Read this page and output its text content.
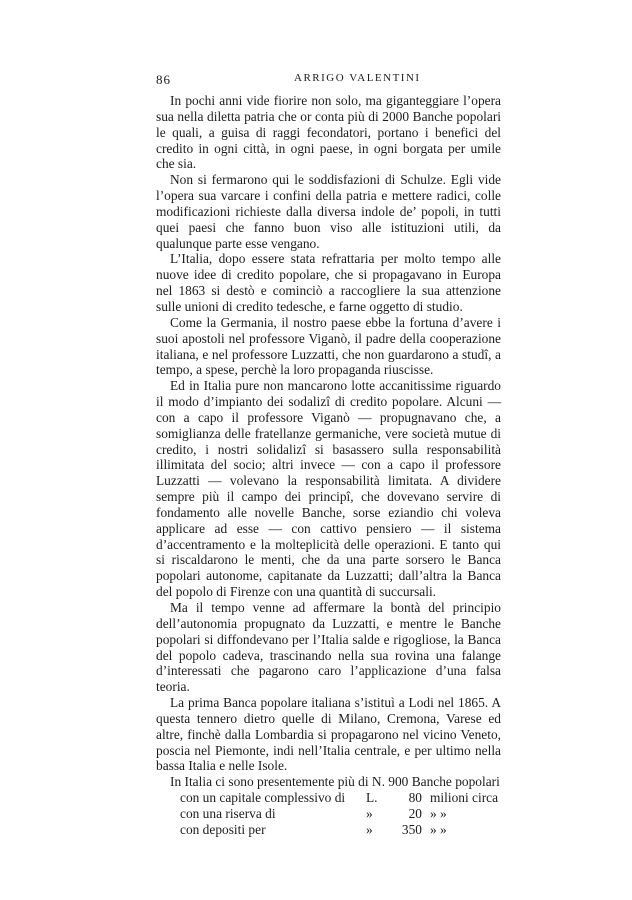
86	ARRIGO VALENTINI

In pochi anni vide fiorire non solo, ma giganteggiare l’opera sua nella diletta patria che or conta più di 2000 Banche popolari le quali, a guisa di raggi fecondatori, portano i benefici del credito in ogni città, in ogni paese, in ogni borgata per umile che sia.

Non si fermarono qui le soddisfazioni di Schulze. Egli vide l’opera sua varcare i confini della patria e mettere radici, colle modificazioni richieste dalla diversa indole de’ popoli, in tutti quei paesi che fanno buon viso alle istituzioni utili, da qualunque parte esse vengano.

L’Italia, dopo essere stata refrattaria per molto tempo alle nuove idee di credito popolare, che si propagavano in Europa nel 1863 si destò e cominciò a raccogliere la sua attenzione sulle unioni di credito tedesche, e farne oggetto di studio.

Come la Germania, il nostro paese ebbe la fortuna d’avere i suoi apostoli nel professore Viganò, il padre della cooperazione italiana, e nel professore Luzzatti, che non guardarono a studî, a tempo, a spese, perchè la loro propaganda riuscisse.

Ed in Italia pure non mancarono lotte accanitissime riguardo il modo d’impianto dei sodalizî di credito popolare. Alcuni — con a capo il professore Viganò — propugnavano che, a somiglianza delle fratellanze germaniche, vere società mutue di credito, i nostri solidalizî si basassero sulla responsabilità illimitata del socio; altri invece — con a capo il professore Luzzatti — volevano la responsabilità limitata. A dividere sempre più il campo dei principî, che dovevano servire di fondamento alle novelle Banche, sorse eziandio chi voleva applicare ad esse — con cattivo pensiero — il sistema d’accentramento e la molteplicità delle operazioni. E tanto qui si riscaldarono le menti, che da una parte sorsero le Banca popolari autonome, capitanate da Luzzatti; dall’altra la Banca del popolo di Firenze con una quantità di succursali.

Ma il tempo venne ad affermare la bontà del principio dell’autonomia propugnato da Luzzatti, e mentre le Banche popolari si diffondevano per l’Italia salde e rigogliose, la Banca del popolo cadeva, trascinando nella sua rovina una falange d’interessati che pagarono caro l’applicazione d’una falsa teoria.

La prima Banca popolare italiana s’istituì a Lodi nel 1865. A questa tennero dietro quelle di Milano, Cremona, Varese ed altre, finchè dalla Lombardia si propagarono nel vicino Veneto, poscia nel Piemonte, indi nell’Italia centrale, e per ultimo nella bassa Italia e nelle Isole.

In Italia ci sono presentemente più di N. 900 Banche popolari

con un capitale complessivo di	L.	80 milioni circa
con una riserva di	»	20 » »
con depositi per	»	350 » »
